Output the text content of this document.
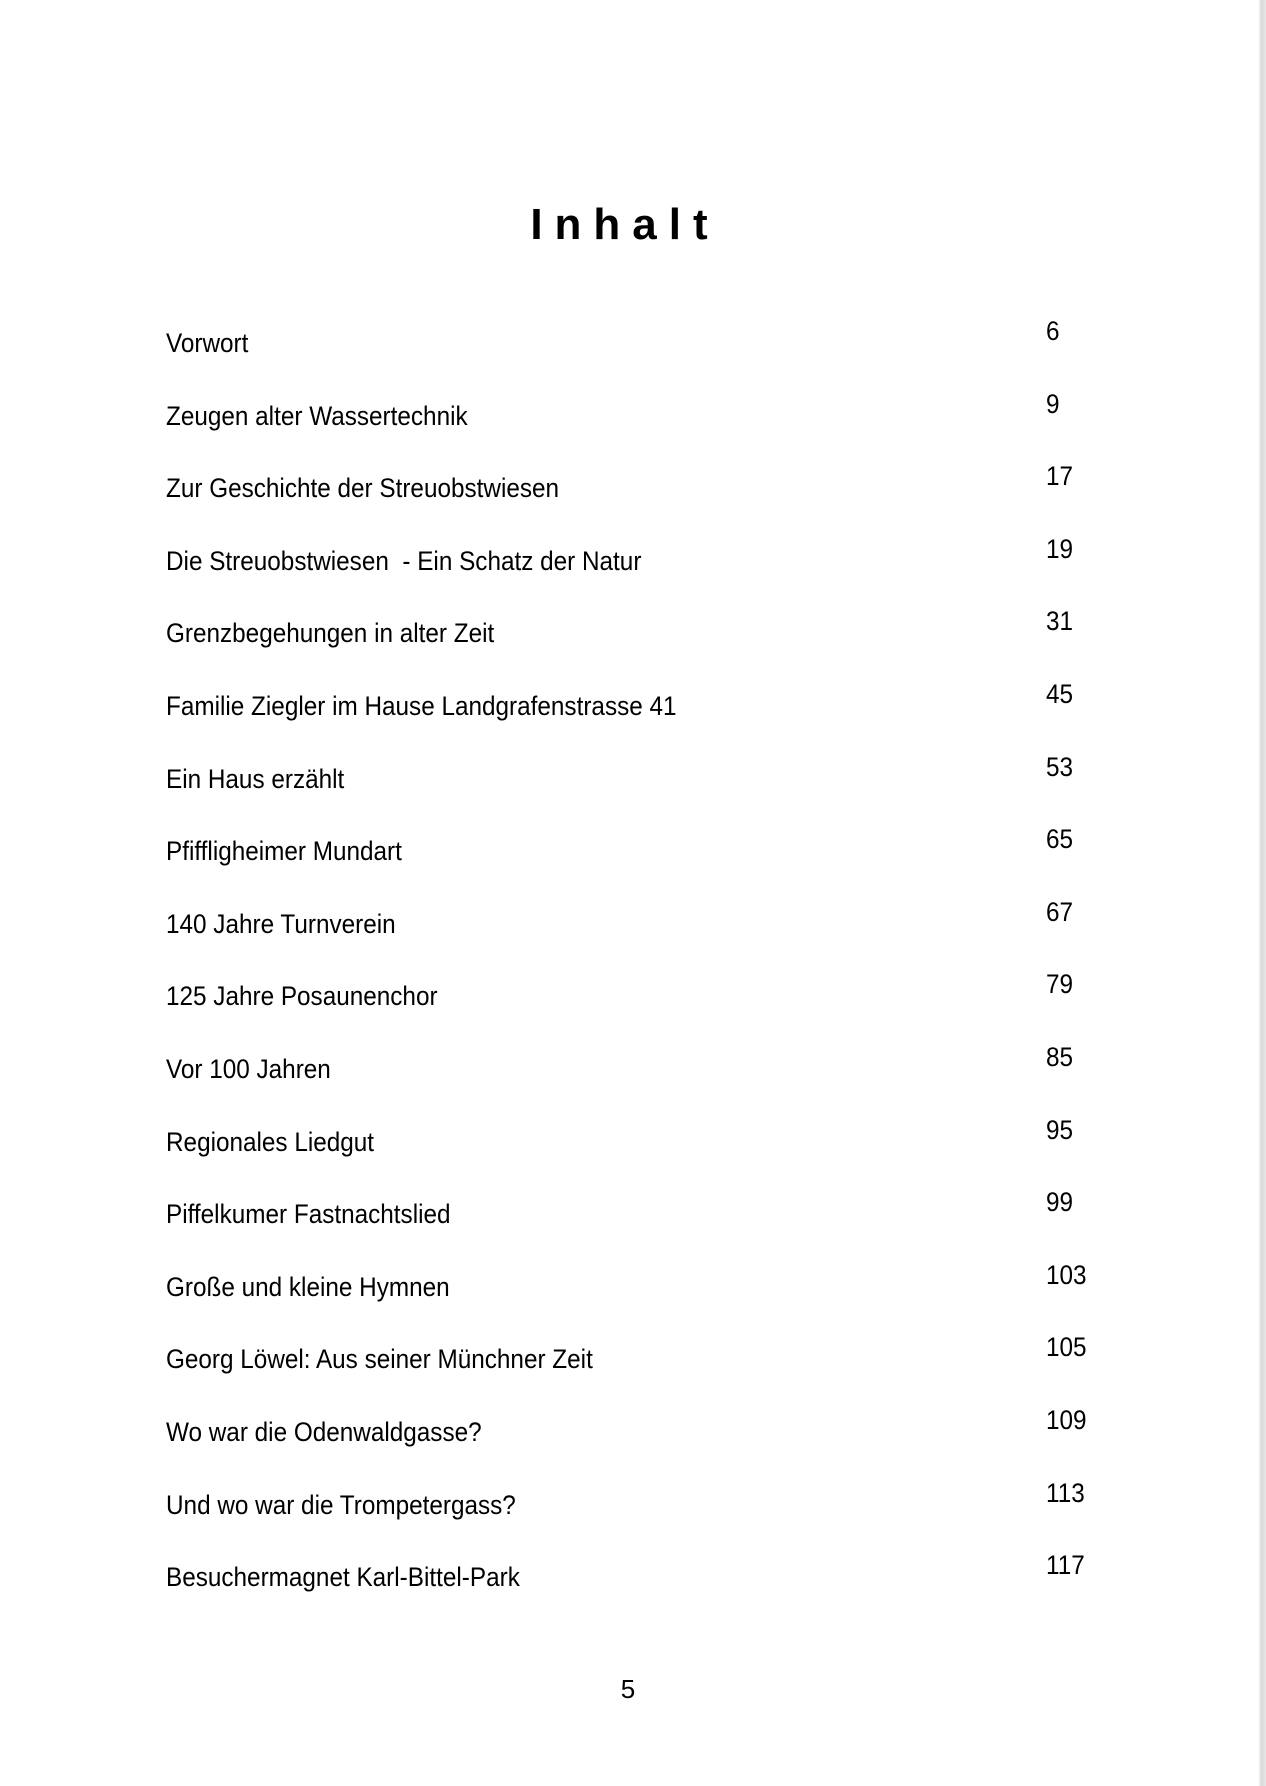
Inhalt
Vorwort	6
Zeugen alter Wassertechnik	9
Zur Geschichte der Streuobstwiesen	17
Die Streuobstwiesen  - Ein Schatz der Natur	19
Grenzbegehungen in alter Zeit	31
Familie Ziegler im Hause Landgrafenstrasse 41	45
Ein Haus erzählt	53
Pfiffligheimer Mundart	65
140 Jahre Turnverein	67
125 Jahre Posaunenchor	79
Vor 100 Jahren	85
Regionales Liedgut	95
Piffelkumer Fastnachtslied	99
Große und kleine Hymnen	103
Georg Löwel: Aus seiner Münchner Zeit	105
Wo war die Odenwaldgasse?	109
Und wo war die Trompetergass?	113
Besuchermagnet Karl-Bittel-Park	117
5
